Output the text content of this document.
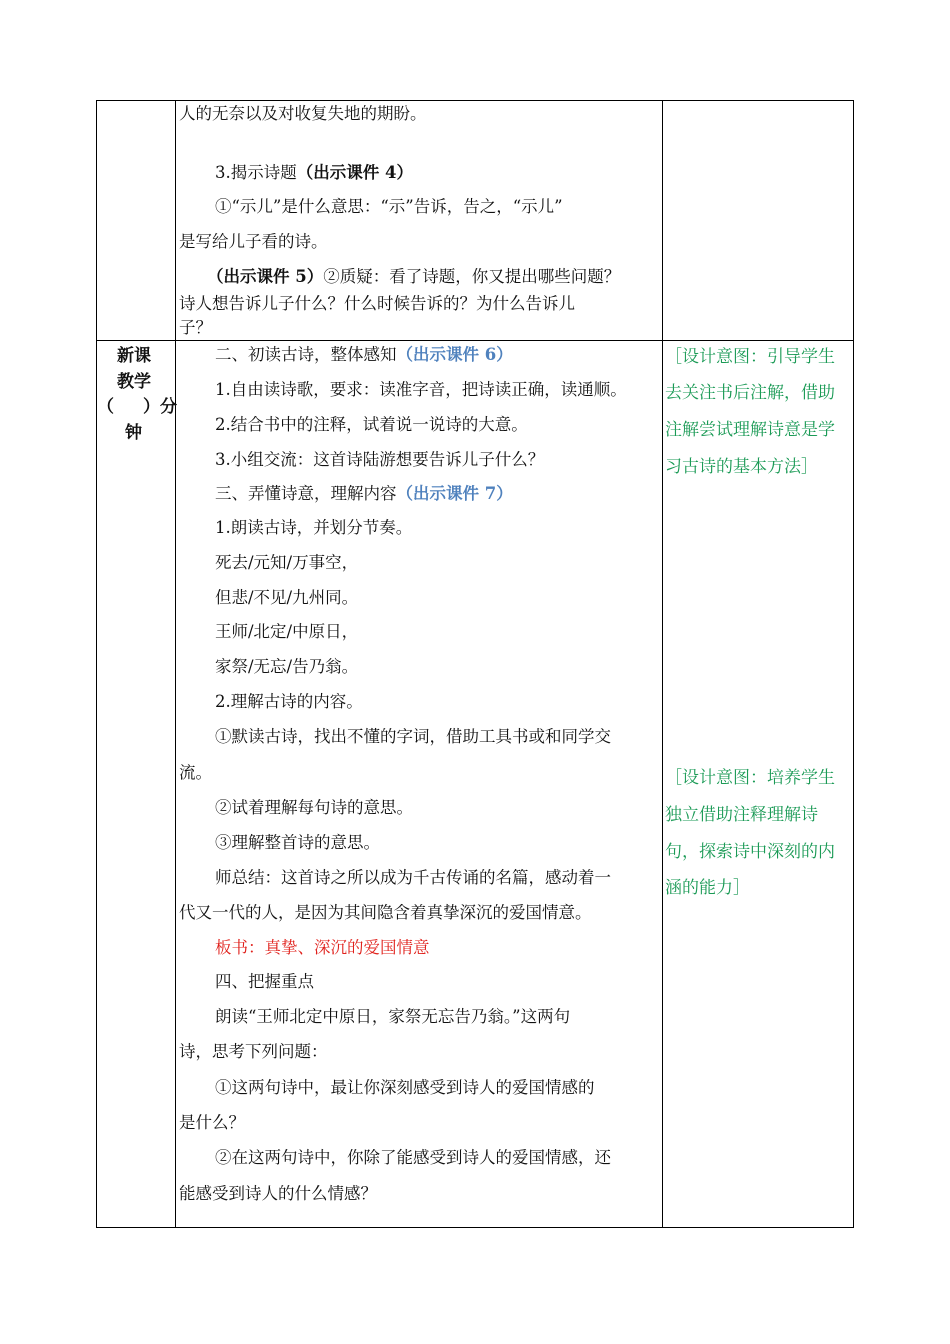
人的无奈以及对收复失地的期盼。
3.揭示诗题（出示课件 4）
①“示儿”是什么意思：“示”告诉，告之，“示儿”
是写给儿子看的诗。
（出示课件 5）②质疑：看了诗题，你又提出哪些问题？
诗人想告诉儿子什么？什么时候告诉的？为什么告诉儿
子？
新课
教学
（ ）分
钟
二、初读古诗，整体感知（出示课件 6）
1.自由读诗歌，要求：读准字音，把诗读正确，读通顺。
2.结合书中的注释，试着说一说诗的大意。
3.小组交流：这首诗陆游想要告诉儿子什么？
三、弄懂诗意，理解内容（出示课件 7）
1.朗读古诗，并划分节奏。
死去/元知/万事空，
但悲/不见/九州同。
王师/北定/中原日，
家祭/无忘/告乃翁。
2.理解古诗的内容。
①默读古诗，找出不懂的字词，借助工具书或和同学交
流。
②试着理解每句诗的意思。
③理解整首诗的意思。
师总结：这首诗之所以成为千古传诵的名篇，感动着一
代又一代的人，是因为其间隐含着真挚深沉的爱国情意。
板书：真挚、深沉的爱国情意
四、把握重点
朗读“王师北定中原日，家祭无忘告乃翁。”这两句
诗，思考下列问题：
①这两句诗中，最让你深刻感受到诗人的爱国情感的
是什么？
②在这两句诗中，你除了能感受到诗人的爱国情感，还
能感受到诗人的什么情感？
［设计意图：引导学生
去关注书后注解，借助
注解尝试理解诗意是学
习古诗的基本方法］
［设计意图：培养学生
独立借助注释理解诗
句，探索诗中深刻的内
涵的能力］
